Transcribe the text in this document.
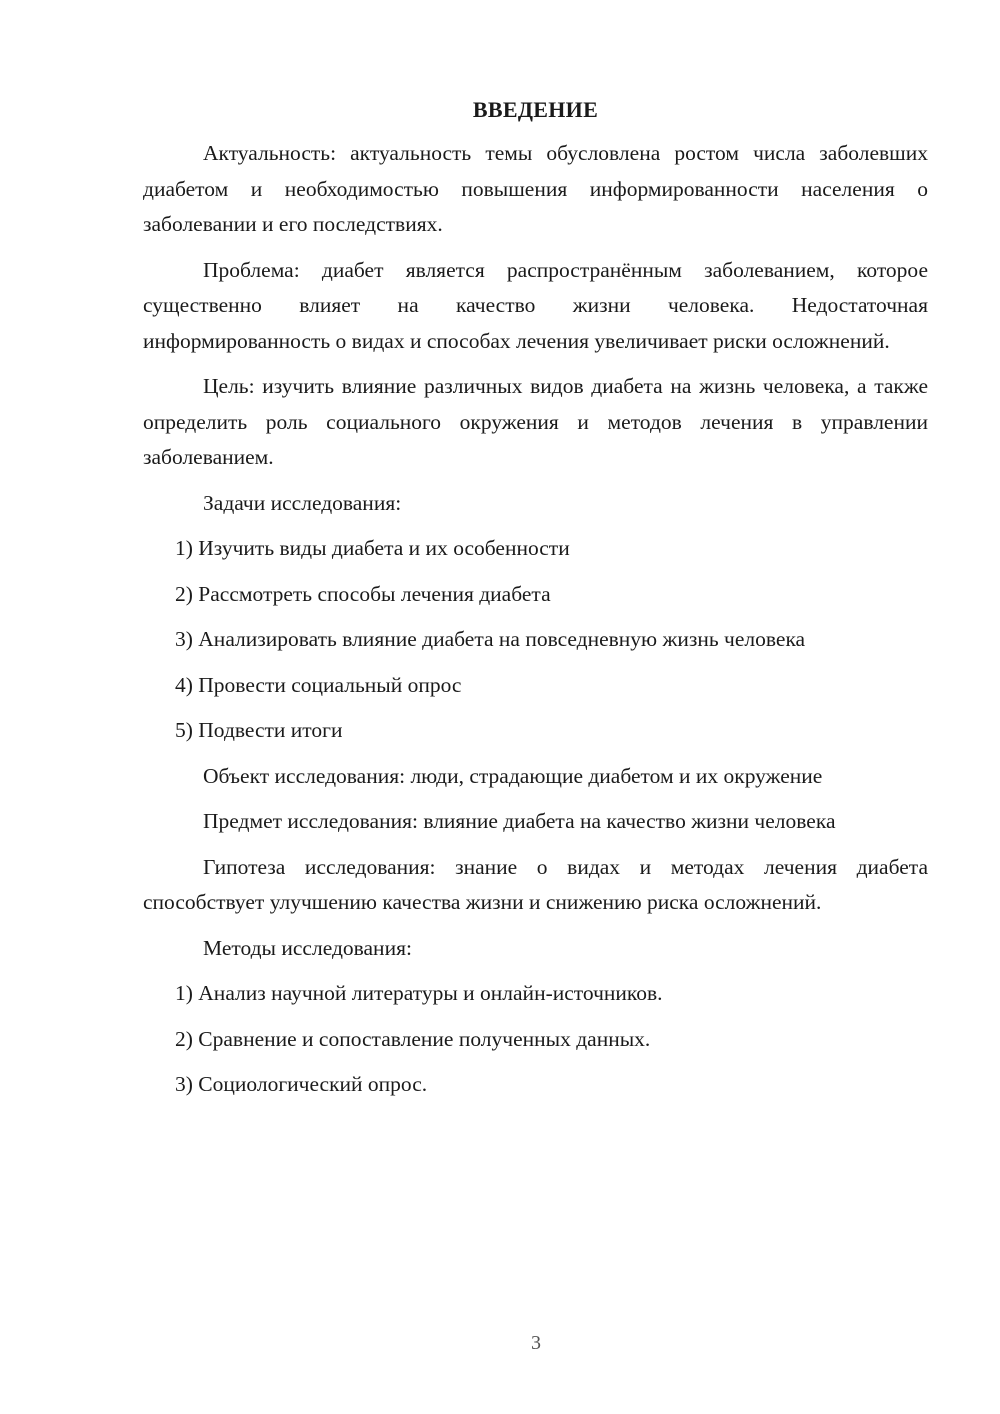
ВВЕДЕНИЕ

Актуальность: актуальность темы обусловлена ростом числа заболевших диабетом и необходимостью повышения информированности населения о заболевании и его последствиях.

Проблема: диабет является распространённым заболеванием, которое существенно влияет на качество жизни человека. Недостаточная информированность о видах и способах лечения увеличивает риски осложнений.

Цель: изучить влияние различных видов диабета на жизнь человека, а также определить роль социального окружения и методов лечения в управлении заболеванием.

Задачи исследования:
1) Изучить виды диабета и их особенности
2) Рассмотреть способы лечения диабета
3) Анализировать влияние диабета на повседневную жизнь человека
4) Провести социальный опрос
5) Подвести итоги
Объект исследования: люди, страдающие диабетом и их окружение

Предмет исследования: влияние диабета на качество жизни человека

Гипотеза исследования: знание о видах и методах лечения диабета способствует улучшению качества жизни и снижению риска осложнений.

Методы исследования:
1) Анализ научной литературы и онлайн-источников.
2) Сравнение и сопоставление полученных данных.
3) Социологический опрос.
3
